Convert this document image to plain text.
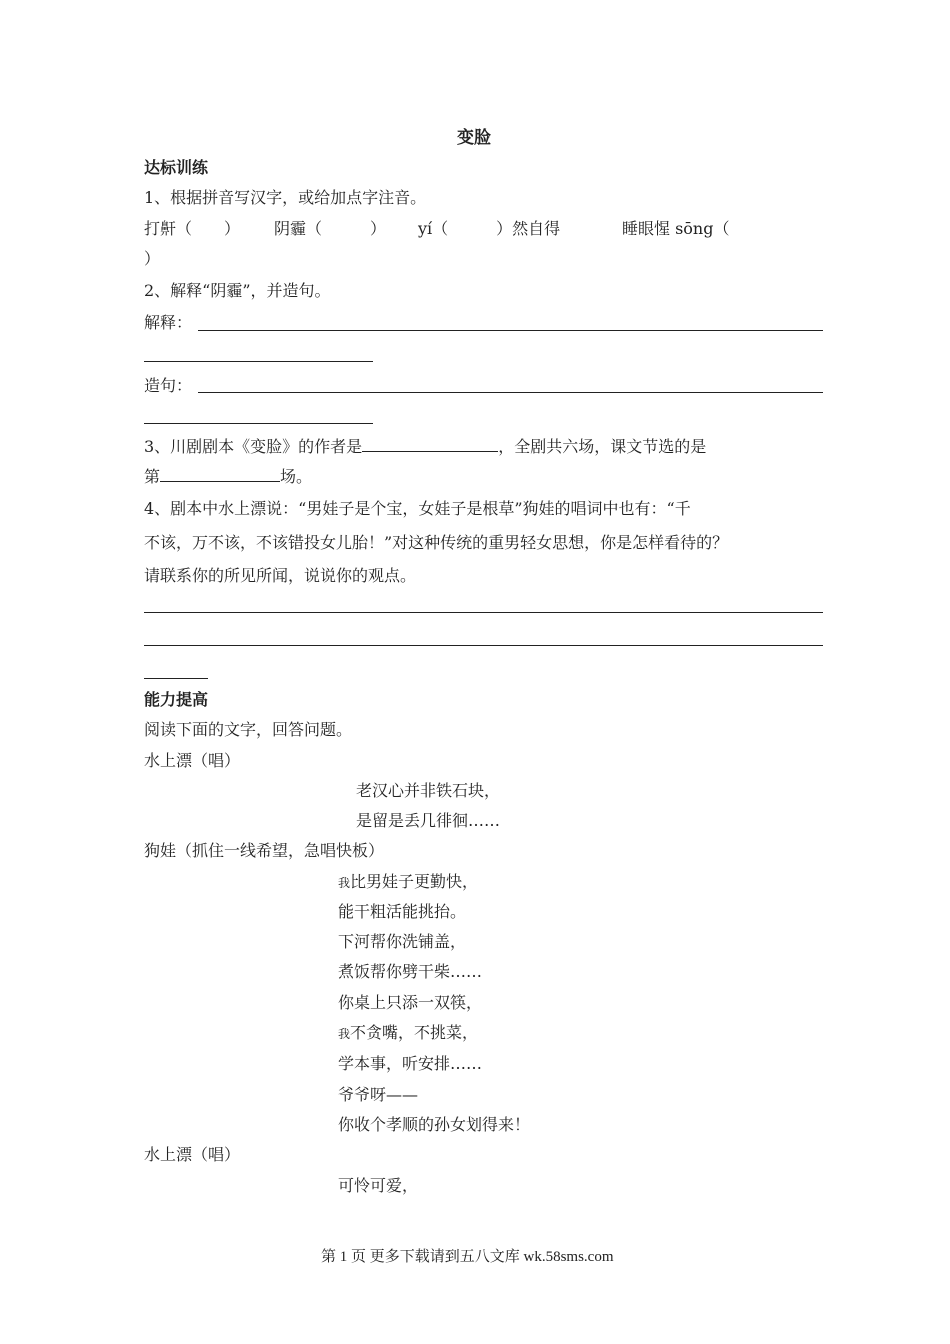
变脸
达标训练
1、根据拼音写汉字，或给加点字注音。
打鼾（　　） 阴霾（　　　） yí（　　　）然自得	睡眼惺 sōng（
）
2、解释“阴霾”，并造句。
解释：
造句：
3、川剧剧本《变脸》的作者是	，全剧共六场，课文节选的是
第	场。
4、剧本中水上漂说：“男娃子是个宝，女娃子是根草”狗娃的唱词中也有：“千
不该，万不该，不该错投女儿胎！”对这种传统的重男轻女思想，你是怎样看待的？
请联系你的所见所闻，说说你的观点。
能力提高
阅读下面的文字，回答问题。
水上漂（唱）
老汉心并非铁石块，
是留是丢几徘徊……
狗娃（抓住一线希望，急唱快板）
我比男娃子更勤快，
能干粗活能挑抬。
下河帮你洗铺盖，
煮饭帮你劈干柴……
你桌上只添一双筷，
我不贪嘴，不挑菜，
学本事，听安排……
爷爷呀——
你收个孝顺的孙女划得来！
水上漂（唱）
可怜可爱，
第 1 页 更多下载请到五八文库 wk.58sms.com
